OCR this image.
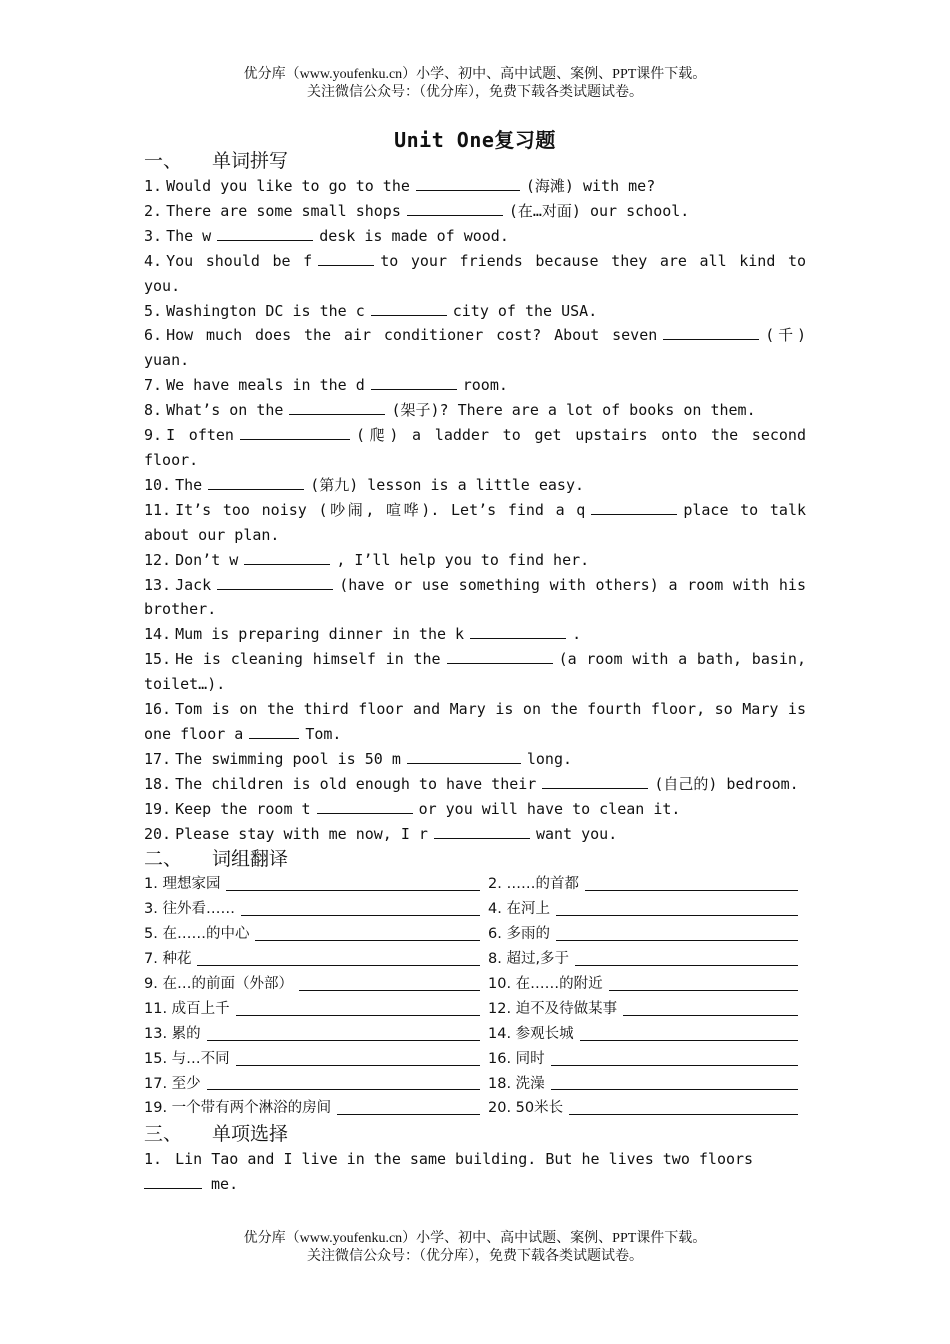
优分库（www.youfenku.cn）小学、初中、高中试题、案例、PPT课件下载。
关注微信公众号：（优分库），免费下载各类试题试卷。
Unit One复习题

一、 单词拼写

1. Would you like to go to the	(海滩) with me?

2. There are some small shops	(在…对面) our school.

3. The w	desk is made of wood.

4. You should be f	to your friends because they are all kind to you.

5. Washington DC is the c	city of the USA.

6. How much does the air conditioner cost? About seven	(千) yuan.

7. We have meals in the d	room.

8. What’s on the	(架子)? There are a lot of books on them.

9. I often	(爬) a ladder to get upstairs onto the second floor.

10. The	(第九) lesson is a little easy.

11. It’s too noisy (吵闹, 喧哗). Let’s find a q	place to talk about our plan.

12. Don’t w	, I’ll help you to find her.

13. Jack	(have or use something with others) a room with his brother.

14. Mum is preparing dinner in the k	.

15. He is cleaning himself in the	(a room with a bath, basin, toilet…).

16. Tom is on the third floor and Mary is on the fourth floor, so Mary is one floor a	Tom.

17. The swimming pool is 50 m	long.

18. The children is old enough to have their	(自己的) bedroom.

19. Keep the room t	or you will have to clean it.

20. Please stay with me now, I r	want you.

二、 词组翻译

1. 理想家园	2. ……的首都
3. 往外看……	4. 在河上
5. 在……的中心	6. 多雨的
7. 种花	8. 超过,多于
9. 在…的前面（外部）	10. 在……的附近
11. 成百上千	12. 迫不及待做某事
13. 累的	14. 参观长城
15. 与…不同	16. 同时
17. 至少	18. 洗澡
19. 一个带有两个淋浴的房间	20. 50米长

三、 单项选择

1. Lin Tao and I live in the same building. But he lives two floors
me.

优分库（www.youfenku.cn）小学、初中、高中试题、案例、PPT课件下载。
关注微信公众号：（优分库），免费下载各类试题试卷。
